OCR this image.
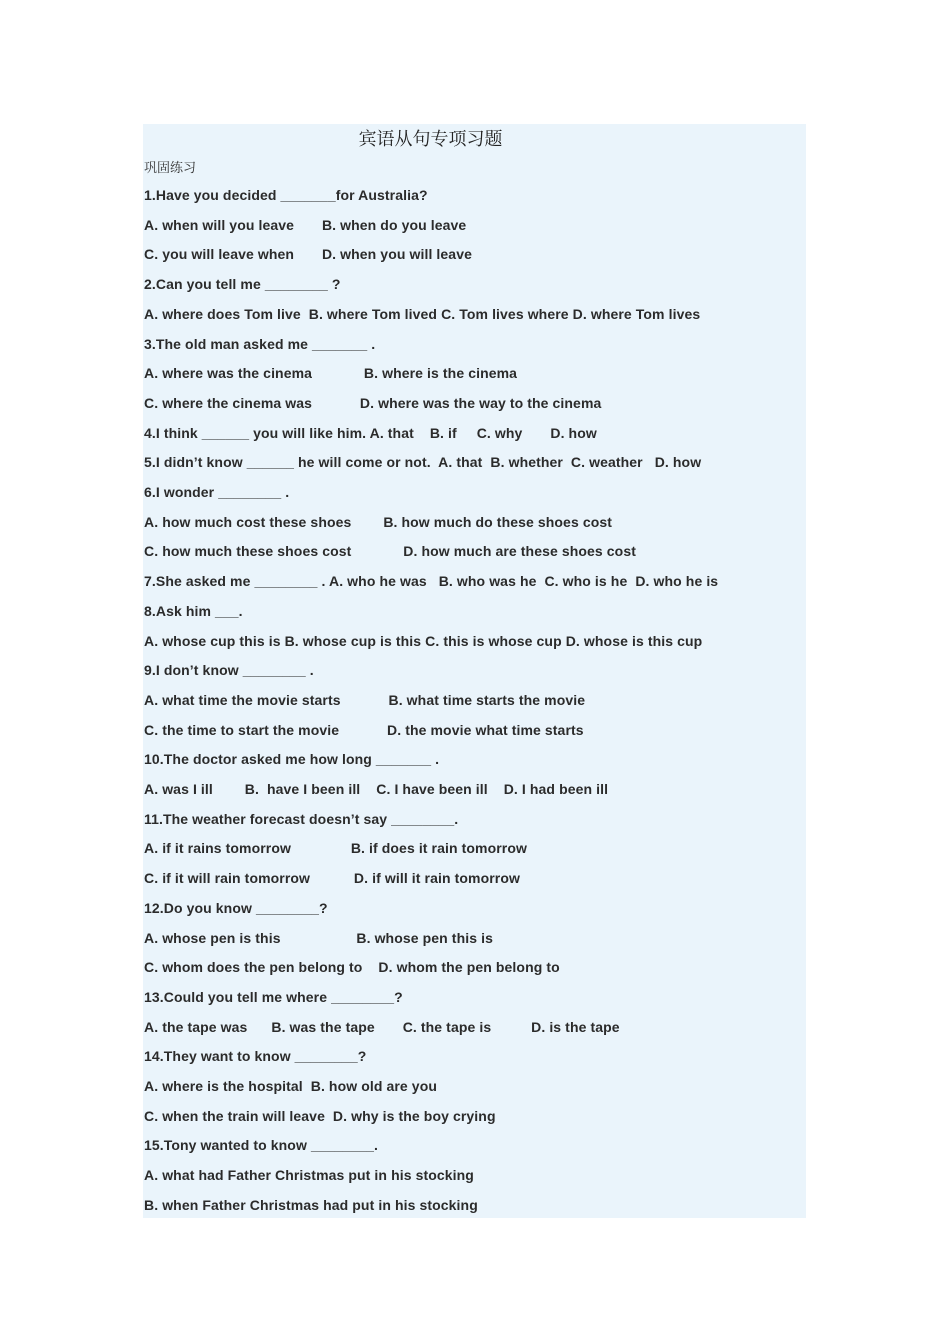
宾语从句专项习题
巩固练习
1.Have you decided _______for Australia?
A. when will you leave       B. when do you leave
C. you will leave when       D. when you will leave
2.Can you tell me ________ ?
A. where does Tom live  B. where Tom lived C. Tom lives where D. where Tom lives
3.The old man asked me _______ .
A. where was the cinema             B. where is the cinema
C. where the cinema was            D. where was the way to the cinema
4.I think ______ you will like him. A. that    B. if     C. why       D. how
5.I didn’t know ______ he will come or not.  A. that  B. whether  C. weather   D. how
6.I wonder ________ .
A. how much cost these shoes        B. how much do these shoes cost
C. how much these shoes cost             D. how much are these shoes cost
7.She asked me ________ . A. who he was   B. who was he  C. who is he  D. who he is
8.Ask him ___.
A. whose cup this is B. whose cup is this C. this is whose cup D. whose is this cup
9.I don’t know ________ .
A. what time the movie starts            B. what time starts the movie
C. the time to start the movie            D. the movie what time starts
10.The doctor asked me how long _______ .
A. was I ill        B.  have I been ill    C. I have been ill    D. I had been ill
11.The weather forecast doesn’t say ________.
A. if it rains tomorrow               B. if does it rain tomorrow
C. if it will rain tomorrow           D. if will it rain tomorrow
12.Do you know ________?
A. whose pen is this                   B. whose pen this is
C. whom does the pen belong to    D. whom the pen belong to
13.Could you tell me where ________?
A. the tape was      B. was the tape       C. the tape is          D. is the tape
14.They want to know ________?
A. where is the hospital  B. how old are you
C. when the train will leave  D. why is the boy crying
15.Tony wanted to know ________.
A. what had Father Christmas put in his stocking
B. when Father Christmas had put in his stocking
